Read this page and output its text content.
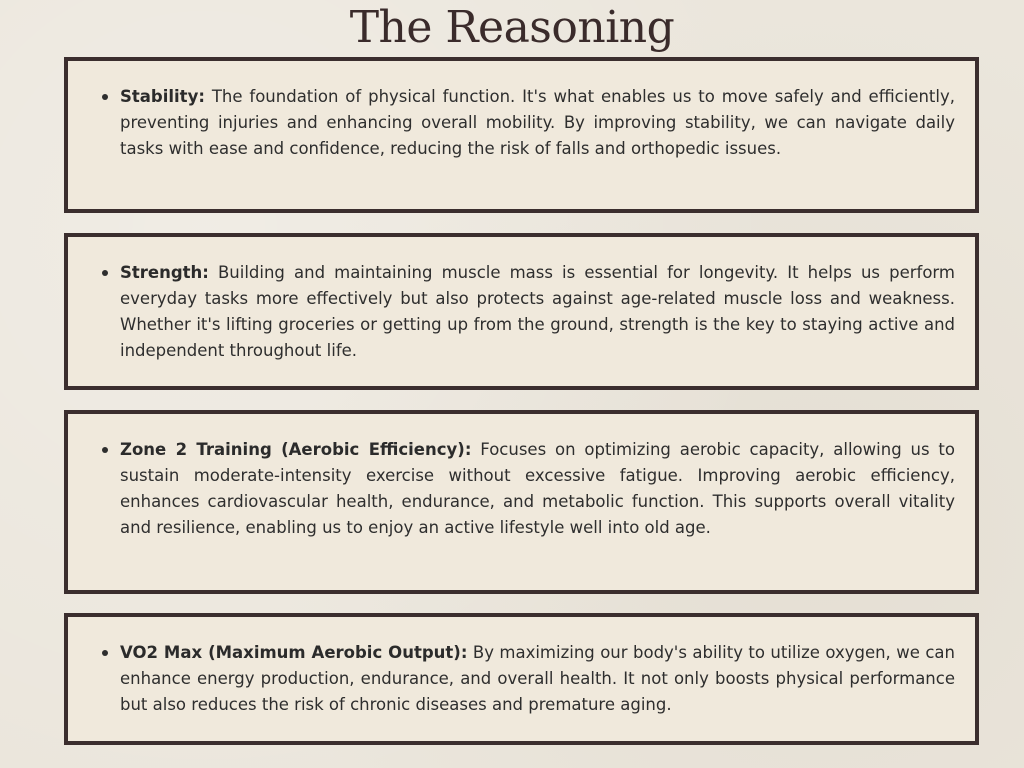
The Reasoning
Stability: The foundation of physical function. It's what enables us to move safely and efficiently, preventing injuries and enhancing overall mobility. By improving stability, we can navigate daily tasks with ease and confidence, reducing the risk of falls and orthopedic issues.
Strength: Building and maintaining muscle mass is essential for longevity. It helps us perform everyday tasks more effectively but also protects against age-related muscle loss and weakness. Whether it's lifting groceries or getting up from the ground, strength is the key to staying active and independent throughout life.
Zone 2 Training (Aerobic Efficiency): Focuses on optimizing aerobic capacity, allowing us to sustain moderate-intensity exercise without excessive fatigue. Improving aerobic efficiency, enhances cardiovascular health, endurance, and metabolic function. This supports overall vitality and resilience, enabling us to enjoy an active lifestyle well into old age.
VO2 Max (Maximum Aerobic Output): By maximizing our body's ability to utilize oxygen, we can enhance energy production, endurance, and overall health. It not only boosts physical performance but also reduces the risk of chronic diseases and premature aging.
